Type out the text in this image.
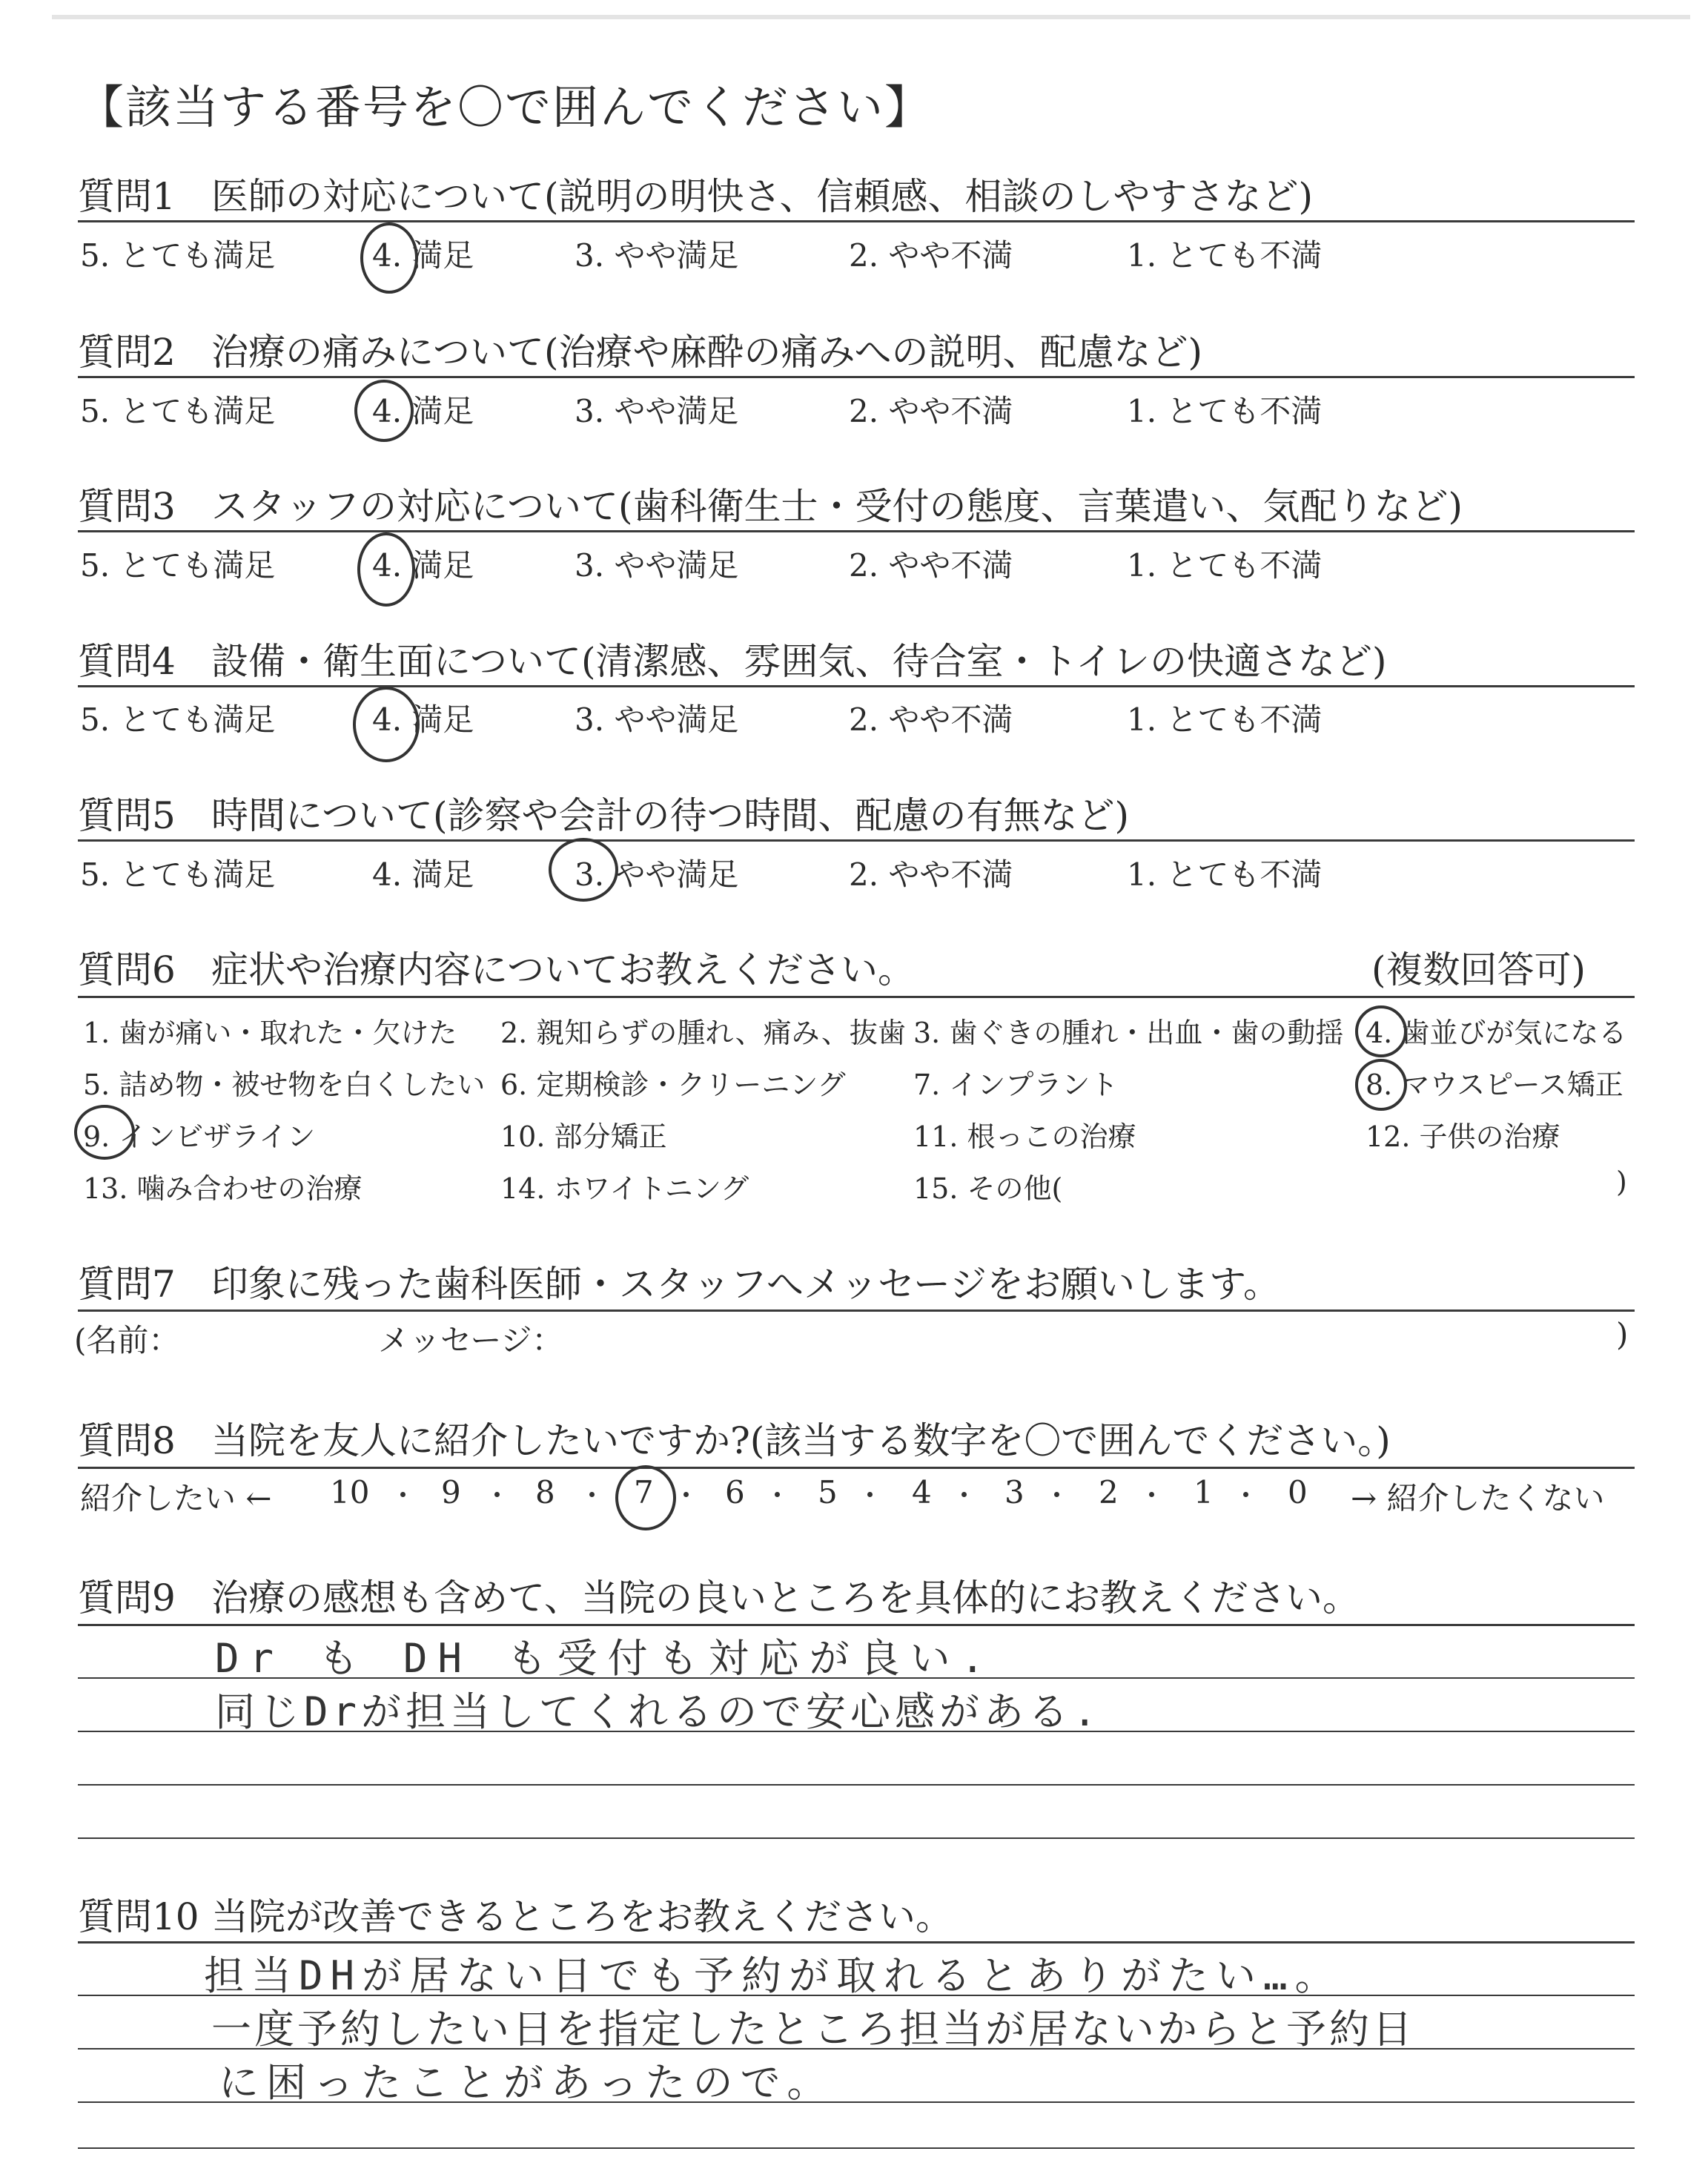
【該当する番号を〇で囲んでください】
質問1 医師の対応について(説明の明快さ、信頼感、相談のしやすさなど)
5. とても満足	4. 満足	3. やや満足	2. やや不満	1. とても不満
質問2 治療の痛みについて(治療や麻酔の痛みへの説明、配慮など)
5. とても満足	4. 満足	3. やや満足	2. やや不満	1. とても不満
質問3 スタッフの対応について(歯科衛生士・受付の態度、言葉遣い、気配りなど)
5. とても満足	4. 満足	3. やや満足	2. やや不満	1. とても不満
質問4 設備・衛生面について(清潔感、雰囲気、待合室・トイレの快適さなど)
5. とても満足	4. 満足	3. やや満足	2. やや不満	1. とても不満
質問5 時間について(診察や会計の待つ時間、配慮の有無など)
5. とても満足	4. 満足	3. やや満足	2. やや不満	1. とても不満
質問6 症状や治療内容についてお教えください。	(複数回答可)
1. 歯が痛い・取れた・欠けた 2. 親知らずの腫れ、痛み、抜歯 3. 歯ぐきの腫れ・出血・歯の動揺 4. 歯並びが気になる
5. 詰め物・被せ物を白くしたい 6. 定期検診・クリーニング 7. インプラント	8. マウスピース矯正
9. インビザライン	10. 部分矯正	11. 根っこの治療	12. 子供の治療
13. 噛み合わせの治療	14. ホワイトニング	15. その他(	)
質問7 印象に残った歯科医師・スタッフへメッセージをお願いします。
(名前：	メッセージ：	)
質問8 当院を友人に紹介したいですか?(該当する数字を〇で囲んでください。)
紹介したい ←	→ 紹介したくない
10 9 8	7 6 5 4 3 2 1 0
質問9 治療の感想も含めて、当院の良いところを具体的にお教えください。
Dr も DH も受付も対応が良い.
同じDrが担当してくれるので安心感がある.
質問10 当院が改善できるところをお教えください。
担当DHが居ない日でも予約が取れるとありがたい…。
一度予約したい日を指定したところ担当が居ないからと予約日
に困ったことがあったので。
